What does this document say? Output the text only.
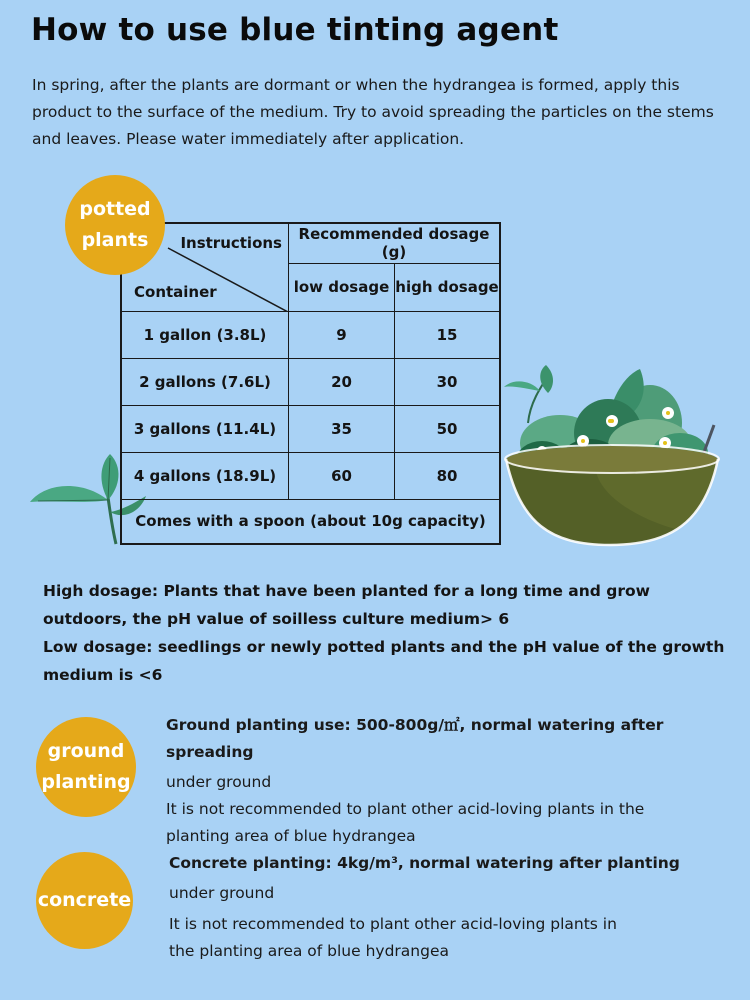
How to use blue tinting agent
In spring, after the plants are dormant or when the hydrangea is formed, apply this product to the surface of the medium. Try to avoid spreading the particles on the stems and leaves. Please water immediately after application.
potted
plants Instructions
Container	Recommended dosage (g)	
	low dosage	high dosage
1 gallon (3.8L)	9	15
2 gallons (7.6L)	20	30
3 gallons (11.4L)	35	50
4 gallons (18.9L)	60	80
Comes with a spoon (about 10g capacity)		

High dosage: Plants that have been planted for a long time and grow outdoors, the pH value of soilless culture medium> 6

Low dosage: seedlings or newly potted plants and the pH value of the growth medium is <6

ground
planting

Ground planting use: 500-800g/㎡, normal watering after spreading

under ground

It is not recommended to plant other acid-loving plants in the planting area of blue hydrangea

concrete

Concrete planting: 4kg/m³, normal watering after planting

under ground

It is not recommended to plant other acid-loving plants in the planting area of blue hydrangea
